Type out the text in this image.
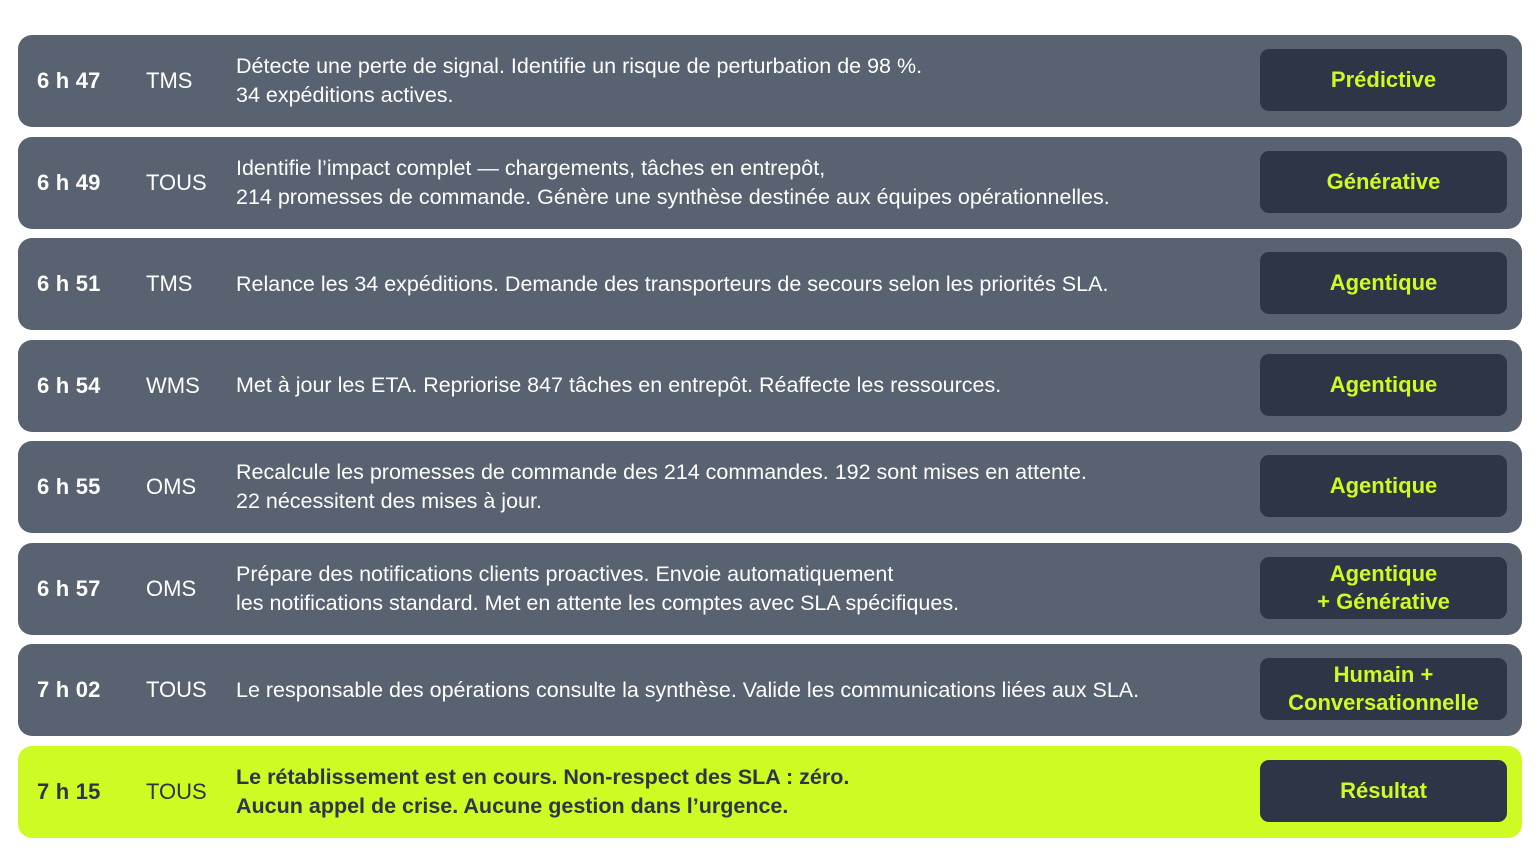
6 h 47 TMS
Détecte une perte de signal. Identifie un risque de perturbation de 98 %.
34 expéditions actives.
Prédictive
6 h 49 TOUS
Identifie l’impact complet — chargements, tâches en entrepôt,
214 promesses de commande. Génère une synthèse destinée aux équipes opérationnelles.
Générative
6 h 51 TMS Relance les 34 expéditions. Demande des transporteurs de secours selon les priorités SLA.	Agentique
6 h 54 WMS Met à jour les ETA. Repriorise 847 tâches en entrepôt. Réaffecte les ressources.	Agentique
6 h 55 OMS
Recalcule les promesses de commande des 214 commandes. 192 sont mises en attente.
22 nécessitent des mises à jour.
Agentique
6 h 57 OMS
Prépare des notifications clients proactives. Envoie automatiquement
les notifications standard. Met en attente les comptes avec SLA spécifiques.
Agentique
+ Générative
7 h 02 TOUS Le responsable des opérations consulte la synthèse. Valide les communications liées aux SLA.
Humain +
Conversationnelle
7 h 15 TOUS
Le rétablissement est en cours. Non-respect des SLA : zéro.
Aucun appel de crise. Aucune gestion dans l’urgence.
Résultat
